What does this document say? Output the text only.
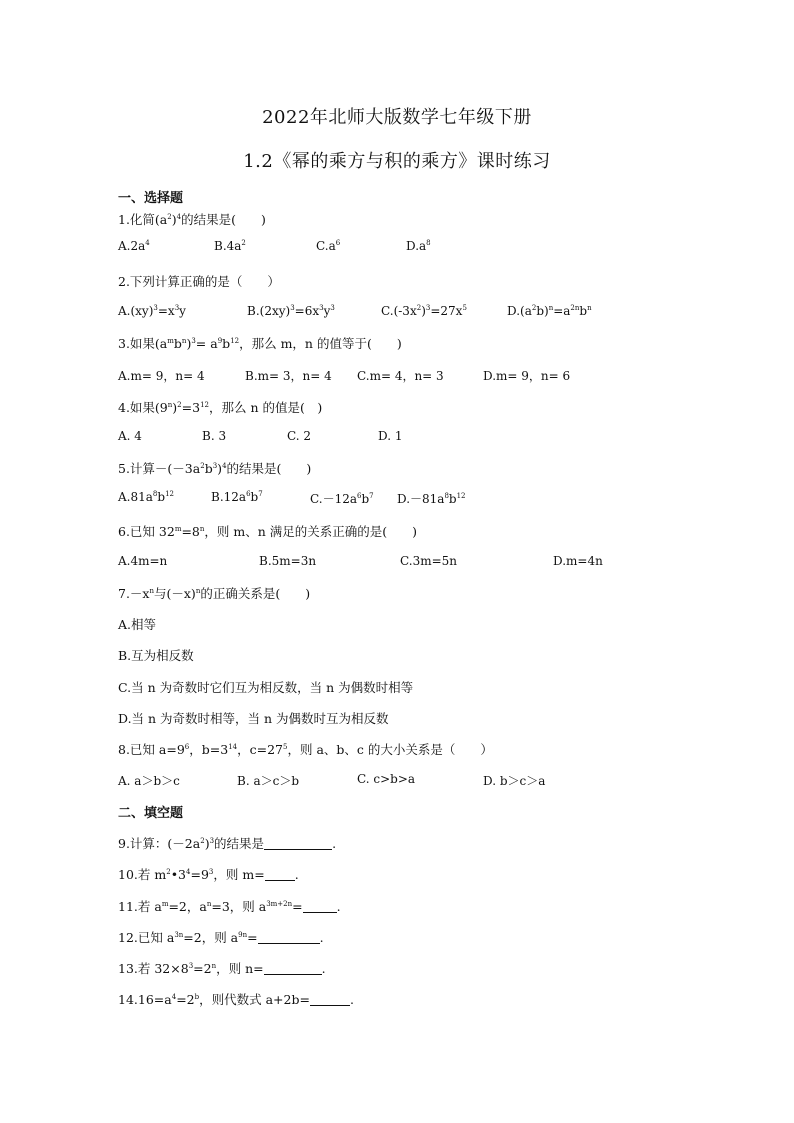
2022年北师大版数学七年级下册
1.2《幂的乘方与积的乘方》课时练习
一、选择题
1.化简$(a^2)^4$的结果是(　　)
$A.2a^4$	$B.4a^2$	$C.a^6$	$D.a^8$
2.下列计算正确的是（　　）
$A.(xy)^3=x^3y$	$B.(2xy)^3=6x^3y^3$	$C.(-3x^2)^3=27x^5$	$D.(a^2b)^n=a^{2n}b^n$
3.如果$(a^mb^n)^3= a^9b^{12}$，那么 m，n 的值等于(　　)
A.m= 9，n= 4	B.m= 3，n= 4 C.m= 4，n= 3	D.m= 9，n= 6
4.如果$(9^n)^2=3^{12}$，那么 n 的值是(　)
A. 4	B. 3	C. 2	D. 1
5.计算$-(-3a^2b^3)^4$的结果是(　　)
$A.81a^8b^{12}$	$B.12a^6b^7$	$C.-12a^6b^7$ $D.-81a^8b^{12}$
6.已知 $32^m=8^n$，则 m、n 满足的关系正确的是(　　)
A.4m=n	B.5m=3n	C.3m=5n	D.m=4n
$7.-x^n$与$(-x)^n$的正确关系是(　　)
A.相等
B.互为相反数
C.当 n 为奇数时它们互为相反数，当 n 为偶数时相等
D.当 n 为奇数时相等，当 n 为偶数时互为相反数
8.已知 $a=9^6$，$b=3^{14}$，$c=27^5$，则 a、b、c 的大小关系是（　　）
A. a＞b＞c	B. a＞c＞b	C. c>b>a	D. b＞c＞a
二、填空题
9.计算：$(-2a^2)^3$的结果是	.
10.若 $m^2•3^4=9^3$，则 m= .
11.若 $a^m=2$，$a^n=3$，则 $a^{3m+2n}=$	.
12.已知 $a^{3n}=2$，则 $a^{9n}=$	.
13.若 $32\times 8^3=2^n$，则 n=	.
$14.16=a^4=2^b$，则代数式 a+2b=	.
